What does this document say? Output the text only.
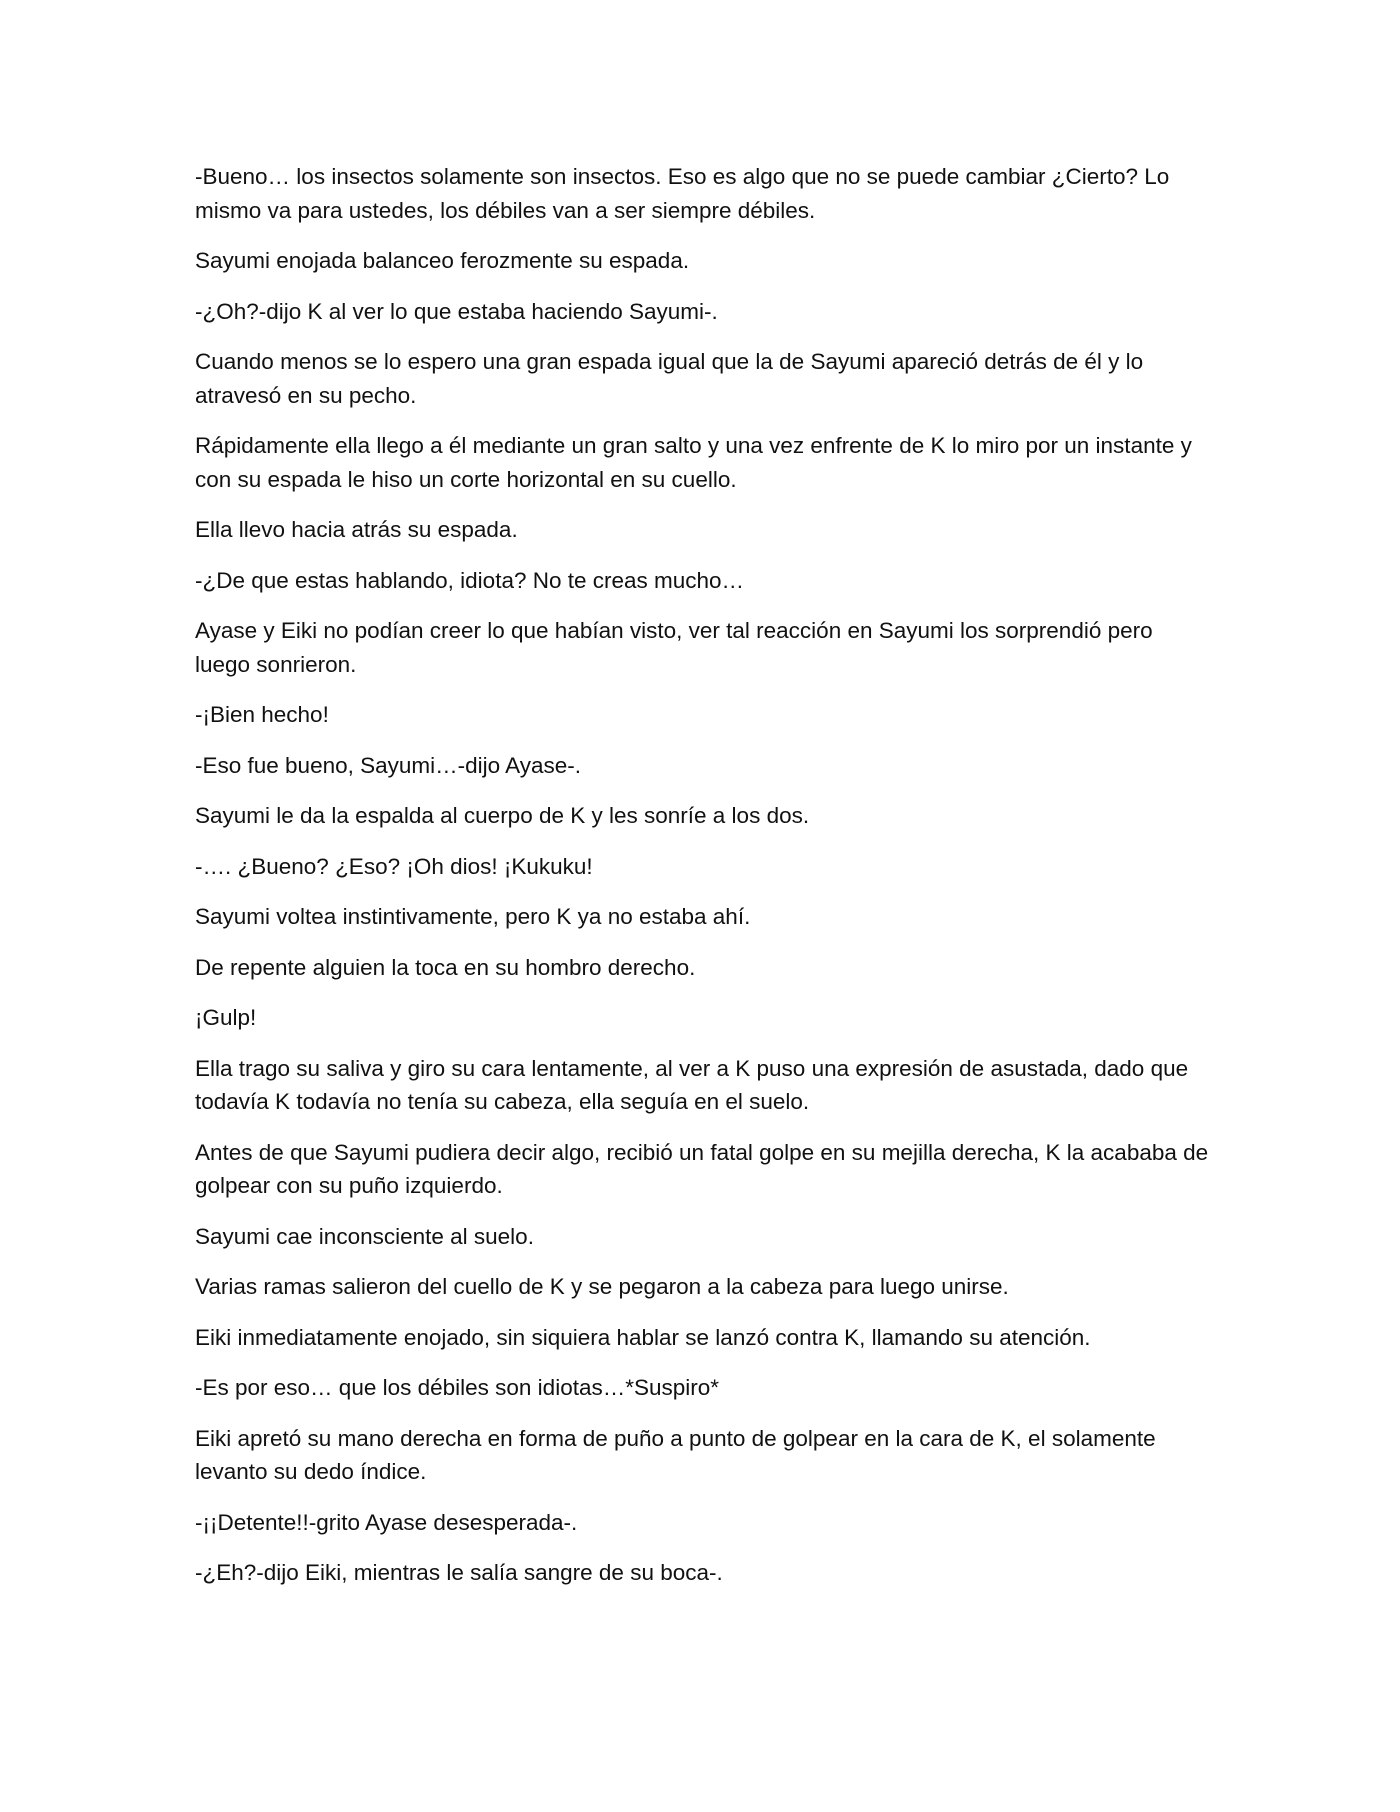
-Bueno… los insectos solamente son insectos. Eso es algo que no se puede cambiar ¿Cierto? Lo mismo va para ustedes, los débiles van a ser siempre débiles.

Sayumi enojada balanceo ferozmente su espada.

-¿Oh?-dijo K al ver lo que estaba haciendo Sayumi-.

Cuando menos se lo espero una gran espada igual que la de Sayumi apareció detrás de él y lo atravesó en su pecho.

Rápidamente ella llego a él mediante un gran salto y una vez enfrente de K lo miro por un instante y con su espada le hiso un corte horizontal en su cuello.

Ella llevo hacia atrás su espada.

-¿De que estas hablando, idiota? No te creas mucho…

Ayase y Eiki no podían creer lo que habían visto, ver tal reacción en Sayumi los sorprendió pero luego sonrieron.

-¡Bien hecho!

-Eso fue bueno, Sayumi…-dijo Ayase-.

Sayumi le da la espalda al cuerpo de K y les sonríe a los dos.

-…. ¿Bueno? ¿Eso? ¡Oh dios! ¡Kukuku!

Sayumi voltea instintivamente, pero K ya no estaba ahí.

De repente alguien la toca en su hombro derecho.

¡Gulp!

Ella trago su saliva y giro su cara lentamente, al ver a K puso una expresión de asustada, dado que todavía K todavía no tenía su cabeza, ella seguía en el suelo.

Antes de que Sayumi pudiera decir algo, recibió un fatal golpe en su mejilla derecha, K la acababa de golpear con su puño izquierdo.

Sayumi cae inconsciente al suelo.

Varias ramas salieron del cuello de K y se pegaron a la cabeza para luego unirse.

Eiki inmediatamente enojado, sin siquiera hablar se lanzó contra K, llamando su atención.

-Es por eso… que los débiles son idiotas…*Suspiro*

Eiki apretó su mano derecha en forma de puño a punto de golpear en la cara de K, el solamente levanto su dedo índice.

-¡¡Detente!!-grito Ayase desesperada-.

-¿Eh?-dijo Eiki, mientras le salía sangre de su boca-.
